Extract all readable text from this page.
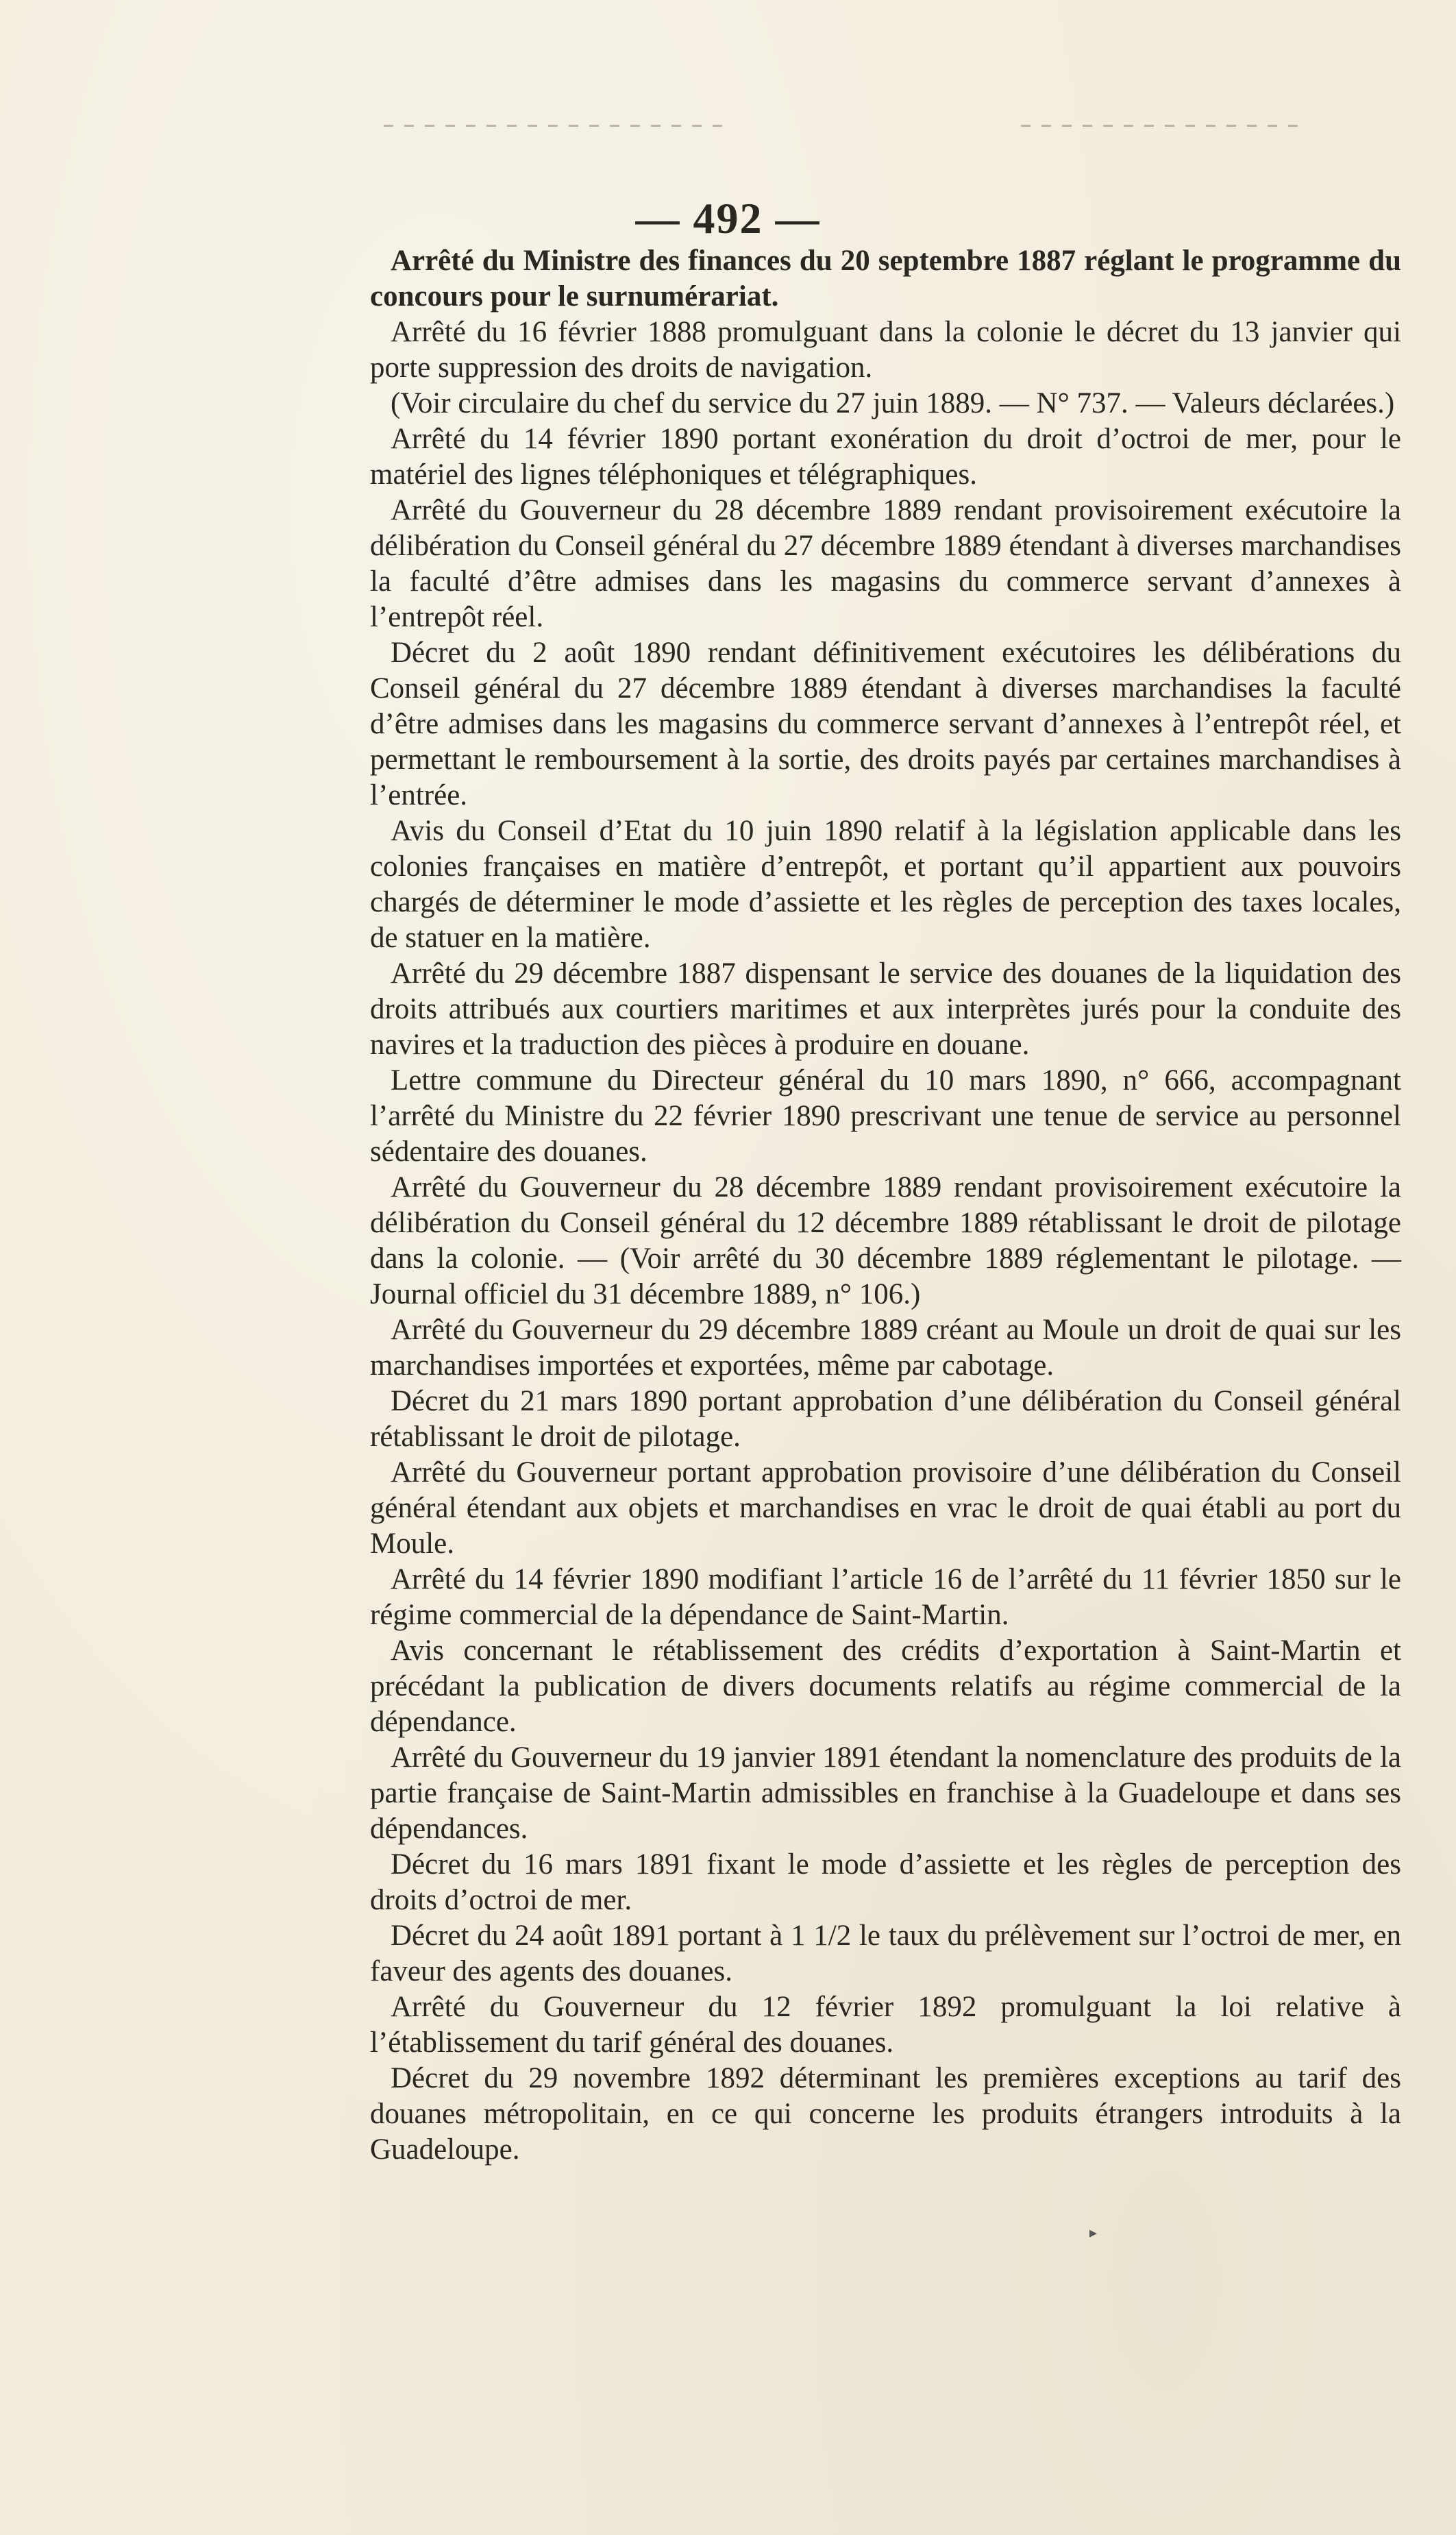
— 492 —

Arrêté du Ministre des finances du 20 septembre 1887 réglant le programme du concours pour le surnumérariat.

Arrêté du 16 février 1888 promulguant dans la colonie le décret du 13 janvier qui porte suppression des droits de navigation.

(Voir circulaire du chef du service du 27 juin 1889. — N° 737. — Valeurs déclarées.)

Arrêté du 14 février 1890 portant exonération du droit d’octroi de mer, pour le matériel des lignes téléphoniques et télégraphiques.

Arrêté du Gouverneur du 28 décembre 1889 rendant provisoirement exécutoire la délibération du Conseil général du 27 décembre 1889 étendant à diverses marchandises la faculté d’être admises dans les magasins du commerce servant d’annexes à l’entrepôt réel.

Décret du 2 août 1890 rendant définitivement exécutoires les délibérations du Conseil général du 27 décembre 1889 étendant à diverses marchandises la faculté d’être admises dans les magasins du commerce servant d’annexes à l’entrepôt réel, et permettant le remboursement à la sortie, des droits payés par certaines marchandises à l’entrée.

Avis du Conseil d’Etat du 10 juin 1890 relatif à la législation applicable dans les colonies françaises en matière d’entrepôt, et portant qu’il appartient aux pouvoirs chargés de déterminer le mode d’assiette et les règles de perception des taxes locales, de statuer en la matière.

Arrêté du 29 décembre 1887 dispensant le service des douanes de la liquidation des droits attribués aux courtiers maritimes et aux interprètes jurés pour la conduite des navires et la traduction des pièces à produire en douane.

Lettre commune du Directeur général du 10 mars 1890, n° 666, accompagnant l’arrêté du Ministre du 22 février 1890 prescrivant une tenue de service au personnel sédentaire des douanes.

Arrêté du Gouverneur du 28 décembre 1889 rendant provisoirement exécutoire la délibération du Conseil général du 12 décembre 1889 rétablissant le droit de pilotage dans la colonie. — (Voir arrêté du 30 décembre 1889 réglementant le pilotage. — Journal officiel du 31 décembre 1889, n° 106.)

Arrêté du Gouverneur du 29 décembre 1889 créant au Moule un droit de quai sur les marchandises importées et exportées, même par cabotage.

Décret du 21 mars 1890 portant approbation d’une délibération du Conseil général rétablissant le droit de pilotage.

Arrêté du Gouverneur portant approbation provisoire d’une délibération du Conseil général étendant aux objets et marchandises en vrac le droit de quai établi au port du Moule.

Arrêté du 14 février 1890 modifiant l’article 16 de l’arrêté du 11 février 1850 sur le régime commercial de la dépendance de Saint-Martin.

Avis concernant le rétablissement des crédits d’exportation à Saint-Martin et précédant la publication de divers documents relatifs au régime commercial de la dépendance.

Arrêté du Gouverneur du 19 janvier 1891 étendant la nomenclature des produits de la partie française de Saint-Martin admissibles en franchise à la Guadeloupe et dans ses dépendances.

Décret du 16 mars 1891 fixant le mode d’assiette et les règles de perception des droits d’octroi de mer.

Décret du 24 août 1891 portant à 1 1/2 le taux du prélèvement sur l’octroi de mer, en faveur des agents des douanes.

Arrêté du Gouverneur du 12 février 1892 promulguant la loi relative à l’établissement du tarif général des douanes.

Décret du 29 novembre 1892 déterminant les premières exceptions au tarif des douanes métropolitain, en ce qui concerne les produits étrangers introduits à la Guadeloupe.

▸
